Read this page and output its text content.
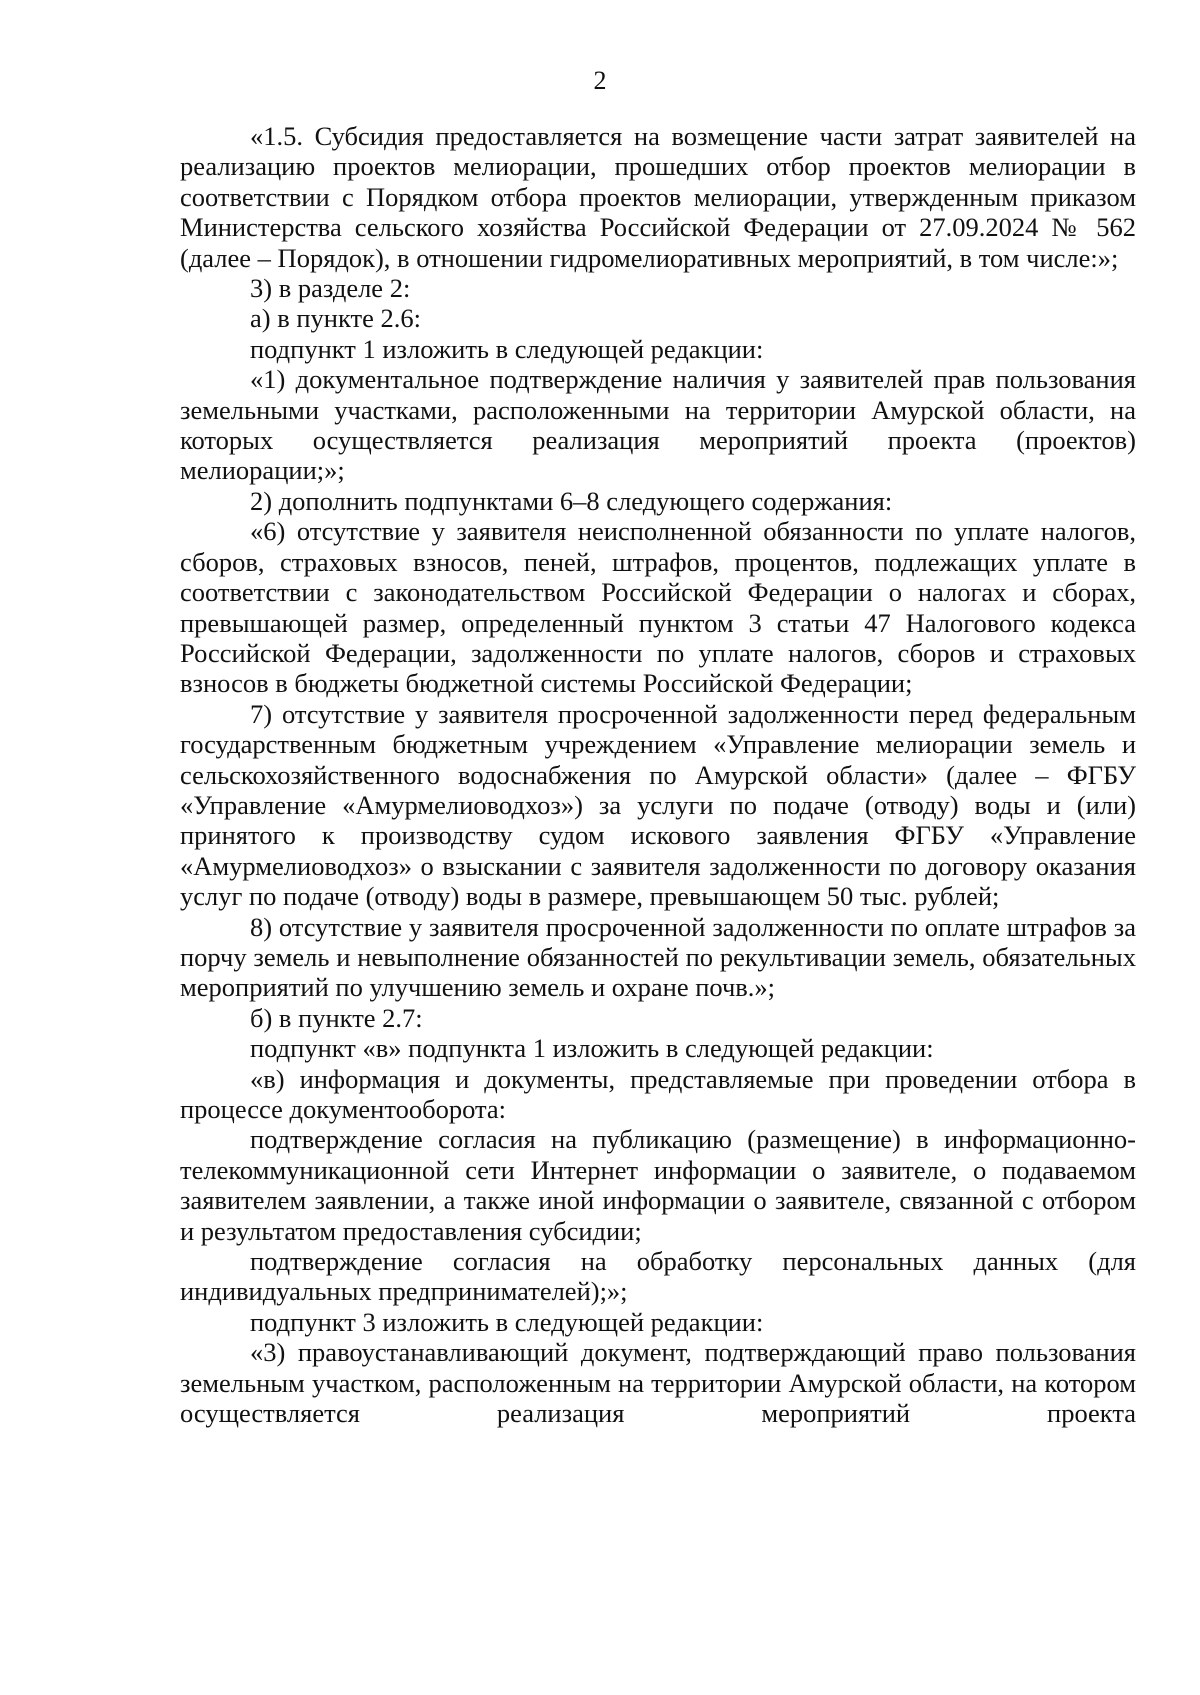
2

«1.5. Субсидия предоставляется на возмещение части затрат заявителей на реализацию проектов мелиорации, прошедших отбор проектов мелиорации в соответствии с Порядком отбора проектов мелиорации, утвержденным приказом Министерства сельского хозяйства Российской Федерации от 27.09.2024 № 562 (далее – Порядок), в отношении гидромелиоративных мероприятий, в том числе:»;

3) в разделе 2:

а) в пункте 2.6:

подпункт 1 изложить в следующей редакции:

«1) документальное подтверждение наличия у заявителей прав пользования земельными участками, расположенными на территории Амурской области, на которых осуществляется реализация мероприятий проекта (проектов) мелиорации;»;

2) дополнить подпунктами 6–8 следующего содержания:

«6) отсутствие у заявителя неисполненной обязанности по уплате налогов, сборов, страховых взносов, пеней, штрафов, процентов, подлежащих уплате в соответствии с законодательством Российской Федерации о налогах и сборах, превышающей размер, определенный пунктом 3 статьи 47 Налогового кодекса Российской Федерации, задолженности по уплате налогов, сборов и страховых взносов в бюджеты бюджетной системы Российской Федерации;

7) отсутствие у заявителя просроченной задолженности перед федеральным государственным бюджетным учреждением «Управление мелиорации земель и сельскохозяйственного водоснабжения по Амурской области» (далее – ФГБУ «Управление «Амурмелиоводхоз») за услуги по подаче (отводу) воды и (или) принятого к производству судом искового заявления ФГБУ «Управление «Амурмелиоводхоз» о взыскании с заявителя задолженности по договору оказания услуг по подаче (отводу) воды в размере, превышающем 50 тыс. рублей;

8) отсутствие у заявителя просроченной задолженности по оплате штрафов за порчу земель и невыполнение обязанностей по рекультивации земель, обязательных мероприятий по улучшению земель и охране почв.»;

б) в пункте 2.7:

подпункт «в» подпункта 1 изложить в следующей редакции:

«в) информация и документы, представляемые при проведении отбора в процессе документооборота:

подтверждение согласия на публикацию (размещение) в информационно-телекоммуникационной сети Интернет информации о заявителе, о подаваемом заявителем заявлении, а также иной информации о заявителе, связанной с отбором и результатом предоставления субсидии;

подтверждение согласия на обработку персональных данных (для индивидуальных предпринимателей);»;

подпункт 3 изложить в следующей редакции:

«3) правоустанавливающий документ, подтверждающий право пользования земельным участком, расположенным на территории Амурской области, на котором осуществляется реализация мероприятий проекта
